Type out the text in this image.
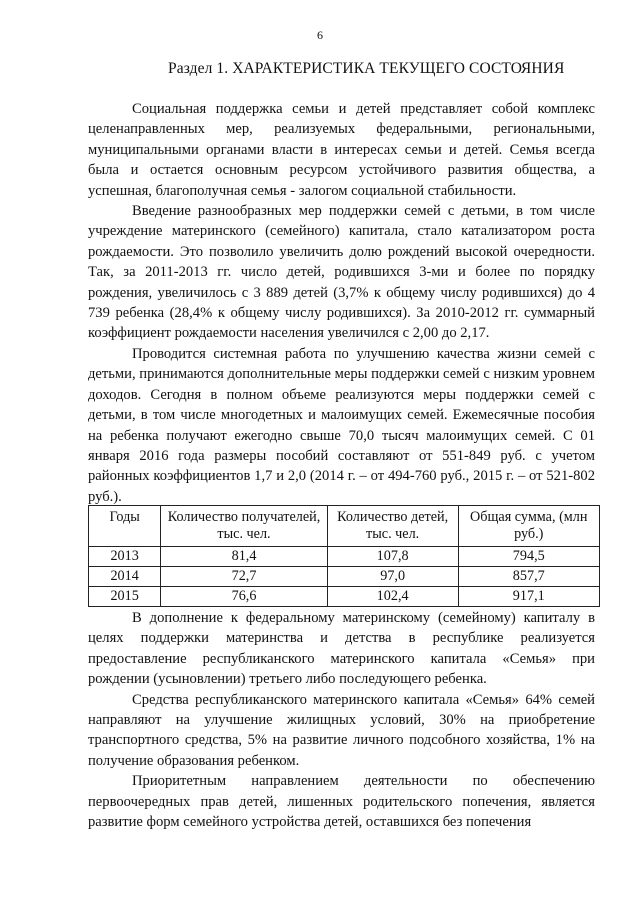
6
Раздел 1. ХАРАКТЕРИСТИКА ТЕКУЩЕГО СОСТОЯНИЯ

Социальная поддержка семьи и детей представляет собой комплекс целенаправленных мер, реализуемых федеральными, региональными, муниципальными органами власти в интересах семьи и детей. Семья всегда была и остается основным ресурсом устойчивого развития общества, а успешная, благополучная семья - залогом социальной стабильности.

Введение разнообразных мер поддержки семей с детьми, в том числе учреждение материнского (семейного) капитала, стало катализатором роста рождаемости. Это позволило увеличить долю рождений высокой очередности. Так, за 2011-2013 гг. число детей, родившихся 3-ми и более по порядку рождения, увеличилось с 3 889 детей (3,7% к общему числу родившихся) до 4 739 ребенка (28,4% к общему числу родившихся). За 2010-2012 гг. суммарный коэффициент рождаемости населения увеличился с 2,00 до 2,17.

Проводится системная работа по улучшению качества жизни семей с детьми, принимаются дополнительные меры поддержки семей с низким уровнем доходов. Сегодня в полном объеме реализуются меры поддержки семей с детьми, в том числе многодетных и малоимущих семей. Ежемесячные пособия на ребенка получают ежегодно свыше 70,0 тысяч малоимущих семей. С 01 января 2016 года размеры пособий составляют от 551-849 руб. с учетом районных коэффициентов 1,7 и 2,0 (2014 г. – от 494-760 руб., 2015 г. – от 521-802 руб.).

Годы	Количество получателей, тыс. чел.	Количество детей, тыс. чел.	Общая сумма, (млн руб.)
2013	81,4	107,8	794,5
2014	72,7	97,0	857,7
2015	76,6	102,4	917,1

В дополнение к федеральному материнскому (семейному) капиталу в целях поддержки материнства и детства в республике реализуется предоставление республиканского материнского капитала «Семья» при рождении (усыновлении) третьего либо последующего ребенка.

Средства республиканского материнского капитала «Семья» 64% семей направляют на улучшение жилищных условий, 30% на приобретение транспортного средства, 5% на развитие личного подсобного хозяйства, 1% на получение образования ребенком.

Приоритетным направлением деятельности по обеспечению первоочередных прав детей, лишенных родительского попечения, является развитие форм семейного устройства детей, оставшихся без попечения
